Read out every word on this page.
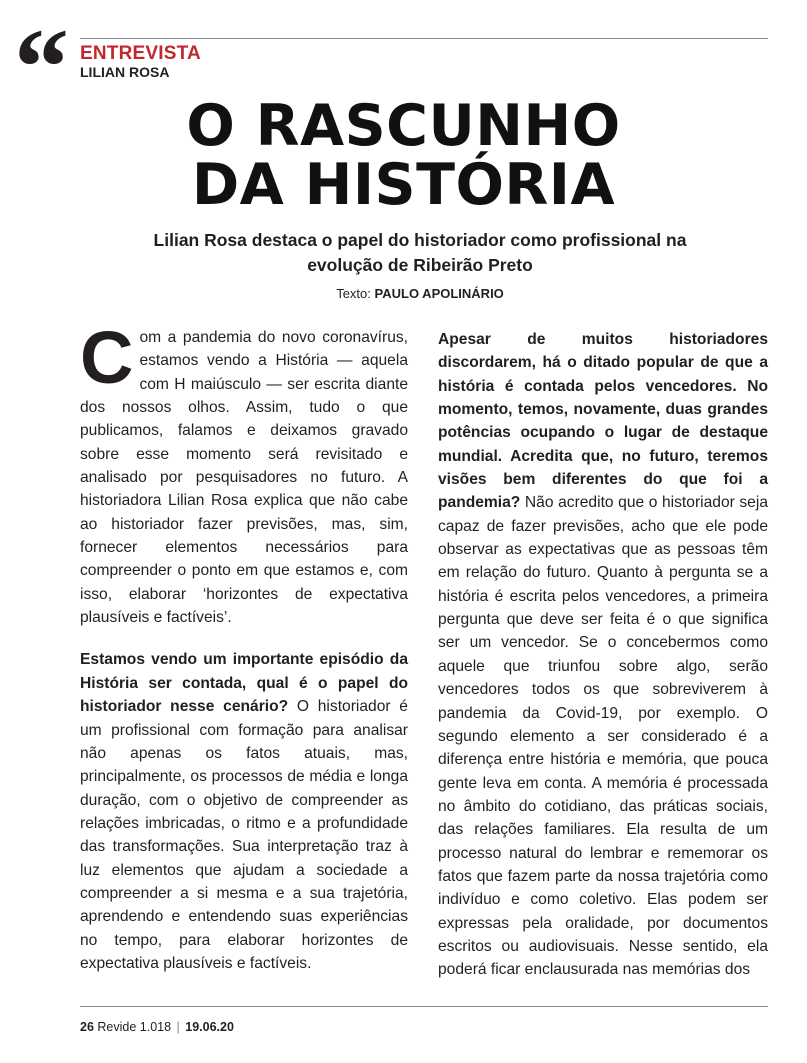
“ ENTREVISTA
LILIAN ROSA
O RASCUNHO
DA HISTÓRIA
Lilian Rosa destaca o papel do historiador como profissional na evolução de Ribeirão Preto
Texto: PAULO APOLINÁRIO

Com a pandemia do novo coronavírus, estamos vendo a História — aquela com H maiúsculo — ser escrita diante dos nossos olhos. Assim, tudo o que publicamos, falamos e deixamos gravado sobre esse momento será revisitado e analisado por pesquisadores no futuro. A historiadora Lilian Rosa explica que não cabe ao historiador fazer previsões, mas, sim, fornecer elementos necessários para compreender o ponto em que estamos e, com isso, elaborar ‘horizontes de expectativa plausíveis e factíveis’.

Estamos vendo um importante episódio da História ser contada, qual é o papel do historiador nesse cenário? O historiador é um profissional com formação para analisar não apenas os fatos atuais, mas, principalmente, os processos de média e longa duração, com o objetivo de compreender as relações imbricadas, o ritmo e a profundidade das transformações. Sua interpretação traz à luz elementos que ajudam a sociedade a compreender a si mesma e a sua trajetória, aprendendo e entendendo suas experiências no tempo, para elaborar horizontes de expectativa plausíveis e factíveis.

Apesar de muitos historiadores discordarem, há o ditado popular de que a história é contada pelos vencedores. No momento, temos, novamente, duas grandes potências ocupando o lugar de destaque mundial. Acredita que, no futuro, teremos visões bem diferentes do que foi a pandemia? Não acredito que o historiador seja capaz de fazer previsões, acho que ele pode observar as expectativas que as pessoas têm em relação do futuro. Quanto à pergunta se a história é escrita pelos vencedores, a primeira pergunta que deve ser feita é o que significa ser um vencedor. Se o concebermos como aquele que triunfou sobre algo, serão vencedores todos os que sobreviverem à pandemia da Covid-19, por exemplo. O segundo elemento a ser considerado é a diferença entre história e memória, que pouca gente leva em conta. A memória é processada no âmbito do cotidiano, das práticas sociais, das relações familiares. Ela resulta de um processo natural do lembrar e rememorar os fatos que fazem parte da nossa trajetória como indivíduo e como coletivo. Elas podem ser expressas pela oralidade, por documentos escritos ou audiovisuais. Nesse sentido, ela poderá ficar enclausurada nas memórias dos

26 Revide 1.018 | 19.06.20
